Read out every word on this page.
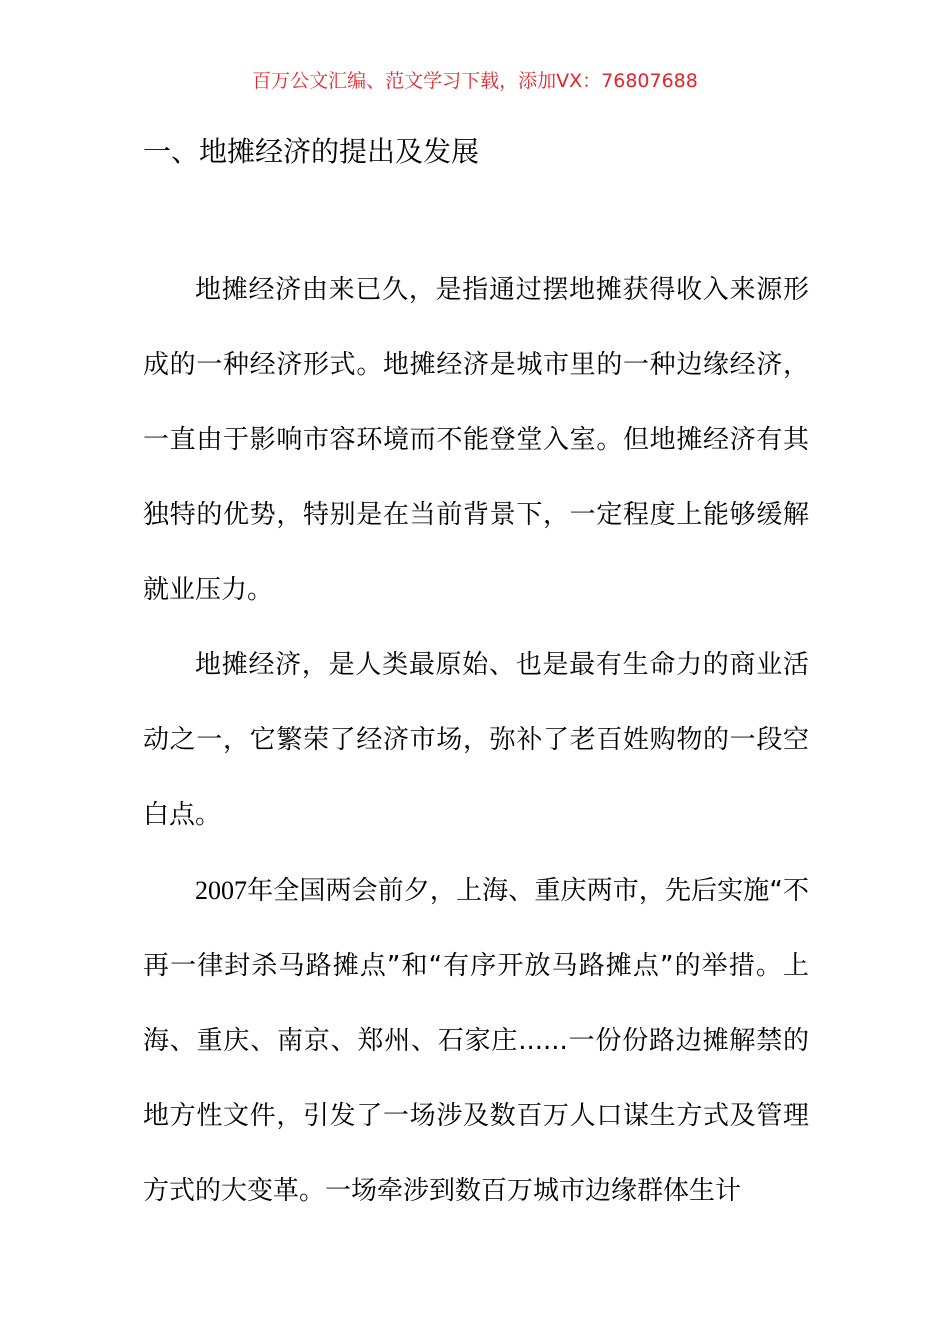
百万公文汇编、范文学习下载，添加VX：76807688
一、地摊经济的提出及发展

地摊经济由来已久，是指通过摆地摊获得收入来源形成的一种经济形式。地摊经济是城市里的一种边缘经济，一直由于影响市容环境而不能登堂入室。但地摊经济有其独特的优势，特别是在当前背景下，一定程度上能够缓解就业压力。

地摊经济，是人类最原始、也是最有生命力的商业活动之一，它繁荣了经济市场，弥补了老百姓购物的一段空白点。

2007年全国两会前夕，上海、重庆两市，先后实施“不再一律封杀马路摊点”和“有序开放马路摊点”的举措。上海、重庆、南京、郑州、石家庄......一份份路边摊解禁的地方性文件，引发了一场涉及数百万人口谋生方式及管理方式的大变革。一场牵涉到数百万城市边缘群体生计
